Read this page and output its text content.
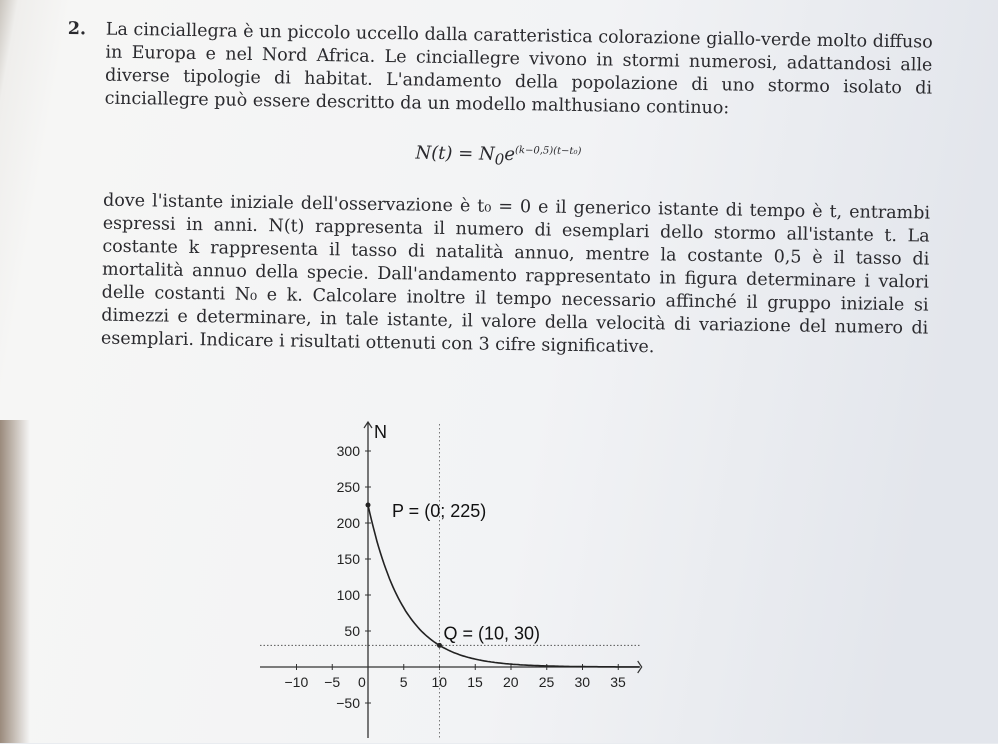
2. La cinciallegra è un piccolo uccello dalla caratteristica colorazione giallo-verde molto diffuso in Europa e nel Nord Africa. Le cinciallegre vivono in stormi numerosi, adattandosi alle diverse tipologie di habitat. L'andamento della popolazione di uno stormo isolato di cinciallegre può essere descritto da un modello malthusiano continuo:
$N(t) = N_0e^{(k-0,5)(t-t_0)}$
dove l'istante iniziale dell'osservazione è t₀ = 0 e il generico istante di tempo è t, entrambi espressi in anni. N(t) rappresenta il numero di esemplari dello stormo all'istante t. La costante k rappresenta il tasso di natalità annuo, mentre la costante 0,5 è il tasso di mortalità annuo della specie. Dall'andamento rappresentato in figura determinare i valori delle costanti N₀ e k. Calcolare inoltre il tempo necessario affinché il gruppo iniziale si dimezzi e determinare, in tale istante, il valore della velocità di variazione del numero di esemplari. Indicare i risultati ottenuti con 3 cifre significative.
N
−10 −5 0 5 10 15 20 25 30 35
300
250
200
150
100
50
−50
P = (0; 225)
Q = (10, 30)
